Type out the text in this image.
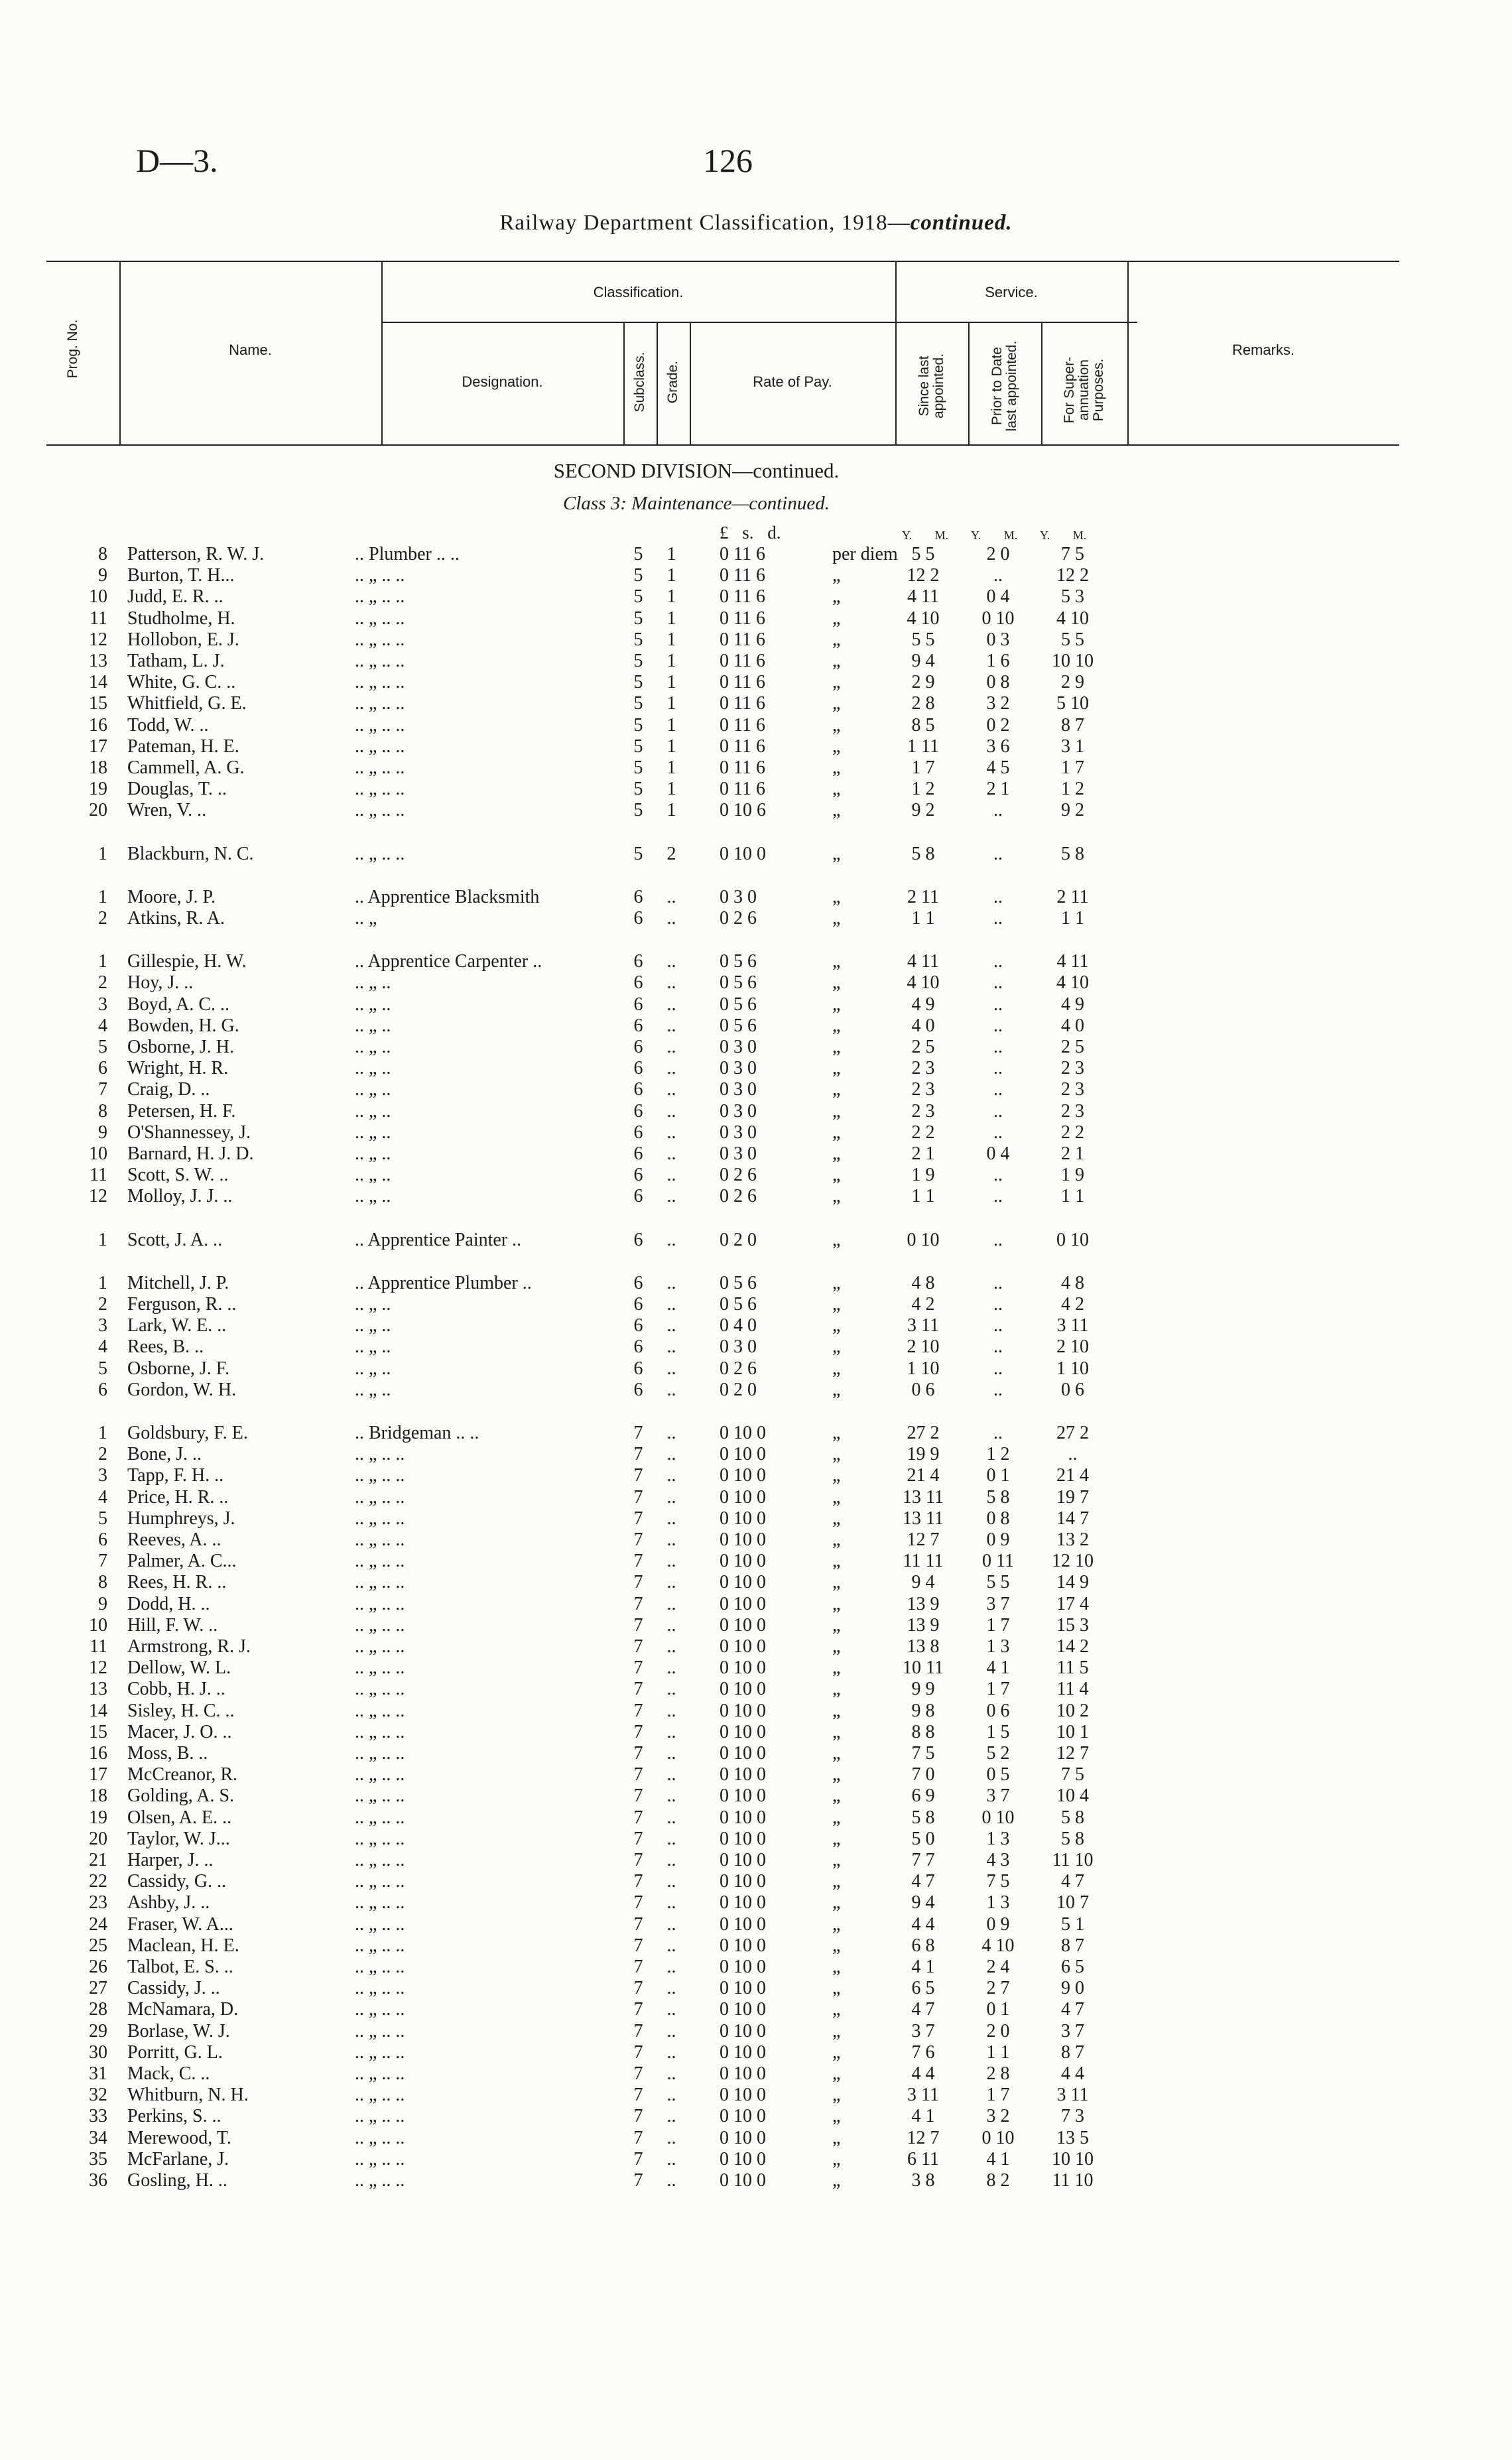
D—3.	126
Railway Department Classification, 1918—continued.
Prog. No.	Name.
Classification.
Designation.	Subclass. Grade.	Rate of Pay.
Service.
Since last appointed.	Prior to Date last appointed.	For Super-annuation Purposes.
Remarks.
SECOND DIVISION—continued.
Class 3: Maintenance—continued.
£ s. d.	Y. M. Y. M. Y. M.
8 Patterson, R. W. J.	.. Plumber .. ..	5	1	0 11 6	per diem 5 5	2 0	7 5
9 Burton, T. H...	.. „ .. ..	5	1	0 11 6	„	12 2	..	12 2
10 Judd, E. R. ..	.. „ .. ..	5	1	0 11 6	„	4 11	0 4	5 3
11 Studholme, H.	.. „ .. ..	5	1	0 11 6	„	4 10	0 10	4 10
12 Hollobon, E. J.	.. „ .. ..	5	1	0 11 6	„	5 5	0 3	5 5
13 Tatham, L. J.	.. „ .. ..	5	1	0 11 6	„	9 4	1 6	10 10
14 White, G. C. ..	.. „ .. ..	5	1	0 11 6	„	2 9	0 8	2 9
15 Whitfield, G. E.	.. „ .. ..	5	1	0 11 6	„	2 8	3 2	5 10
16 Todd, W. ..	.. „ .. ..	5	1	0 11 6	„	8 5	0 2	8 7
17 Pateman, H. E.	.. „ .. ..	5	1	0 11 6	„	1 11	3 6	3 1
18 Cammell, A. G.	.. „ .. ..	5	1	0 11 6	„	1 7	4 5	1 7
19 Douglas, T. ..	.. „ .. ..	5	1	0 11 6	„	1 2	2 1	1 2
20 Wren, V. ..	.. „ .. ..	5	1	0 10 6	„	9 2	..	9 2
1 Blackburn, N. C.	.. „ .. ..	5	2	0 10 0	„	5 8	..	5 8
1 Moore, J. P.	.. Apprentice Blacksmith	6	..	0 3 0	„	2 11	..	2 11
2 Atkins, R. A.	.. „	6	..	0 2 6	„	1 1	..	1 1
1 Gillespie, H. W.	.. Apprentice Carpenter ..	6	..	0 5 6	„	4 11	..	4 11
2 Hoy, J. ..	.. „ ..	6	..	0 5 6	„	4 10	..	4 10
3 Boyd, A. C. ..	.. „ ..	6	..	0 5 6	„	4 9	..	4 9
4 Bowden, H. G.	.. „ ..	6	..	0 5 6	„	4 0	..	4 0
5 Osborne, J. H.	.. „ ..	6	..	0 3 0	„	2 5	..	2 5
6 Wright, H. R.	.. „ ..	6	..	0 3 0	„	2 3	..	2 3
7 Craig, D. ..	.. „ ..	6	..	0 3 0	„	2 3	..	2 3
8 Petersen, H. F.	.. „ ..	6	..	0 3 0	„	2 3	..	2 3
9 O'Shannessey, J.	.. „ ..	6	..	0 3 0	„	2 2	..	2 2
10 Barnard, H. J. D.	.. „ ..	6	..	0 3 0	„	2 1	0 4	2 1
11 Scott, S. W. ..	.. „ ..	6	..	0 2 6	„	1 9	..	1 9
12 Molloy, J. J. ..	.. „ ..	6	..	0 2 6	„	1 1	..	1 1
1 Scott, J. A. ..	.. Apprentice Painter ..	6	..	0 2 0	„	0 10	..	0 10
1 Mitchell, J. P.	.. Apprentice Plumber ..	6	..	0 5 6	„	4 8	..	4 8
2 Ferguson, R. ..	.. „ ..	6	..	0 5 6	„	4 2	..	4 2
3 Lark, W. E. ..	.. „ ..	6	..	0 4 0	„	3 11	..	3 11
4 Rees, B. ..	.. „ ..	6	..	0 3 0	„	2 10	..	2 10
5 Osborne, J. F.	.. „ ..	6	..	0 2 6	„	1 10	..	1 10
6 Gordon, W. H.	.. „ ..	6	..	0 2 0	„	0 6	..	0 6
1 Goldsbury, F. E.	.. Bridgeman .. ..	7	..	0 10 0	„	27 2	..	27 2
2 Bone, J. ..	.. „ .. ..	7	..	0 10 0	„	19 9	1 2	..
3 Tapp, F. H. ..	.. „ .. ..	7	..	0 10 0	„	21 4	0 1	21 4
4 Price, H. R. ..	.. „ .. ..	7	..	0 10 0	„	13 11	5 8	19 7
5 Humphreys, J.	.. „ .. ..	7	..	0 10 0	„	13 11	0 8	14 7
6 Reeves, A. ..	.. „ .. ..	7	..	0 10 0	„	12 7	0 9	13 2
7 Palmer, A. C...	.. „ .. ..	7	..	0 10 0	„	11 11	0 11	12 10
8 Rees, H. R. ..	.. „ .. ..	7	..	0 10 0	„	9 4	5 5	14 9
9 Dodd, H. ..	.. „ .. ..	7	..	0 10 0	„	13 9	3 7	17 4
10 Hill, F. W. ..	.. „ .. ..	7	..	0 10 0	„	13 9	1 7	15 3
11 Armstrong, R. J.	.. „ .. ..	7	..	0 10 0	„	13 8	1 3	14 2
12 Dellow, W. L.	.. „ .. ..	7	..	0 10 0	„	10 11	4 1	11 5
13 Cobb, H. J. ..	.. „ .. ..	7	..	0 10 0	„	9 9	1 7	11 4
14 Sisley, H. C. ..	.. „ .. ..	7	..	0 10 0	„	9 8	0 6	10 2
15 Macer, J. O. ..	.. „ .. ..	7	..	0 10 0	„	8 8	1 5	10 1
16 Moss, B. ..	.. „ .. ..	7	..	0 10 0	„	7 5	5 2	12 7
17 McCreanor, R.	.. „ .. ..	7	..	0 10 0	„	7 0	0 5	7 5
18 Golding, A. S.	.. „ .. ..	7	..	0 10 0	„	6 9	3 7	10 4
19 Olsen, A. E. ..	.. „ .. ..	7	..	0 10 0	„	5 8	0 10	5 8
20 Taylor, W. J...	.. „ .. ..	7	..	0 10 0	„	5 0	1 3	5 8
21 Harper, J. ..	.. „ .. ..	7	..	0 10 0	„	7 7	4 3	11 10
22 Cassidy, G. ..	.. „ .. ..	7	..	0 10 0	„	4 7	7 5	4 7
23 Ashby, J. ..	.. „ .. ..	7	..	0 10 0	„	9 4	1 3	10 7
24 Fraser, W. A...	.. „ .. ..	7	..	0 10 0	„	4 4	0 9	5 1
25 Maclean, H. E.	.. „ .. ..	7	..	0 10 0	„	6 8	4 10	8 7
26 Talbot, E. S. ..	.. „ .. ..	7	..	0 10 0	„	4 1	2 4	6 5
27 Cassidy, J. ..	.. „ .. ..	7	..	0 10 0	„	6 5	2 7	9 0
28 McNamara, D.	.. „ .. ..	7	..	0 10 0	„	4 7	0 1	4 7
29 Borlase, W. J.	.. „ .. ..	7	..	0 10 0	„	3 7	2 0	3 7
30 Porritt, G. L.	.. „ .. ..	7	..	0 10 0	„	7 6	1 1	8 7
31 Mack, C. ..	.. „ .. ..	7	..	0 10 0	„	4 4	2 8	4 4
32 Whitburn, N. H.	.. „ .. ..	7	..	0 10 0	„	3 11	1 7	3 11
33 Perkins, S. ..	.. „ .. ..	7	..	0 10 0	„	4 1	3 2	7 3
34 Merewood, T.	.. „ .. ..	7	..	0 10 0	„	12 7	0 10	13 5
35 McFarlane, J.	.. „ .. ..	7	..	0 10 0	„	6 11	4 1	10 10
36 Gosling, H. ..	.. „ .. ..	7	..	0 10 0	„	3 8	8 2	11 10
